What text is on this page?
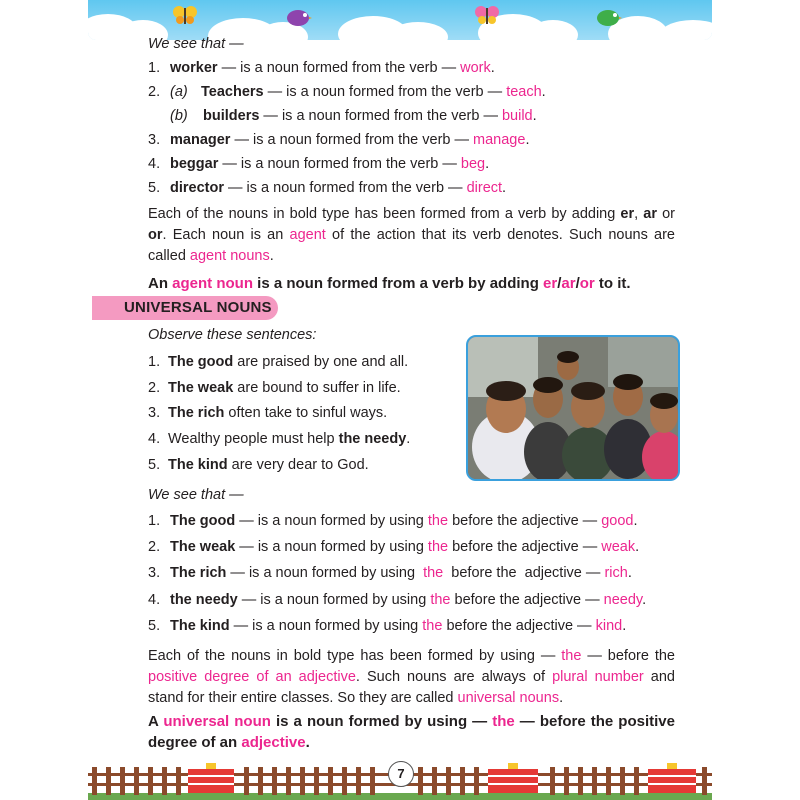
We see that —
1. worker — is a noun formed from the verb — work.
2. (a) Teachers — is a noun formed from the verb — teach.
(b) builders — is a noun formed from the verb — build.
3. manager — is a noun formed from the verb — manage.
4. beggar — is a noun formed from the verb — beg.
5. director — is a noun formed from the verb — direct.
Each of the nouns in bold type has been formed from a verb by adding er, ar or or. Each noun is an agent of the action that its verb denotes. Such nouns are called agent nouns.
An agent noun is a noun formed from a verb by adding er/ar/or to it.
UNIVERSAL NOUNS
Observe these sentences:
1. The good are praised by one and all.
2. The weak are bound to suffer in life.
3. The rich often take to sinful ways.
4. Wealthy people must help the needy.
5. The kind are very dear to God.
We see that —
1. The good — is a noun formed by using the before the adjective — good.
2. The weak — is a noun formed by using the before the adjective — weak.
3. The rich — is a noun formed by using  the  before the  adjective — rich.
4. the needy — is a noun formed by using the before the adjective — needy.
5. The kind — is a noun formed by using the before the adjective — kind.
Each of the nouns in bold type has been formed by using — the — before the positive degree of an adjective. Such nouns are always of plural number and stand for their entire classes. So they are called universal nouns.
A universal noun is a noun formed by using — the — before the positive degree of an adjective.
7
